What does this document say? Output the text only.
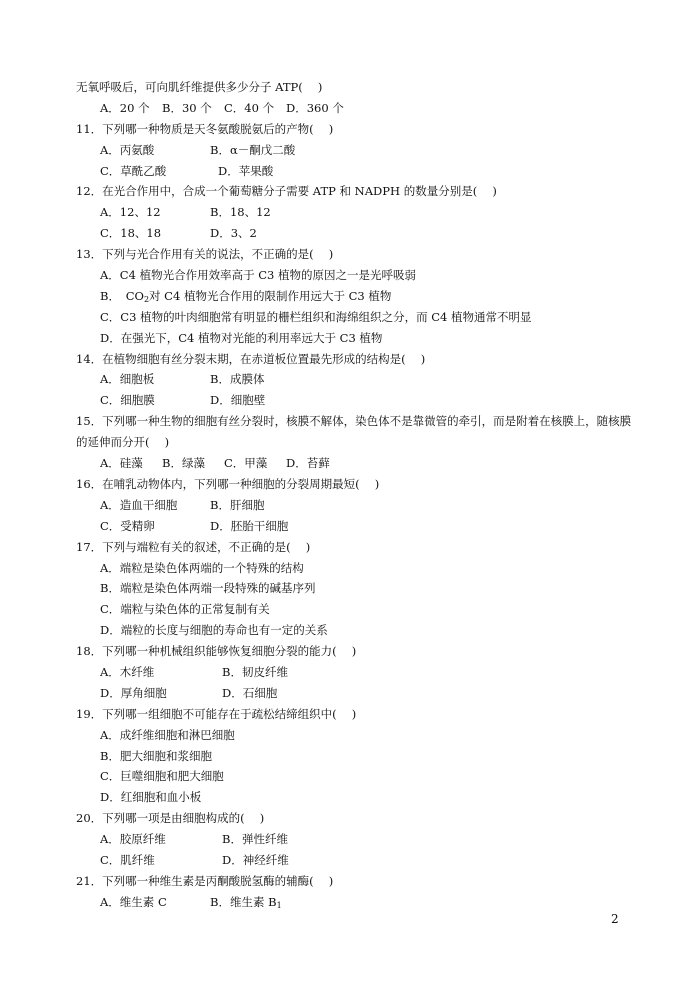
无氧呼吸后，可向肌纤维提供多少分子 ATP(　 )
A．20 个 B．30 个 C．40 个 D．360 个
11．下列哪一种物质是天冬氨酸脱氨后的产物(　 )
A．丙氨酸	B．α－酮戊二酸
C．草酰乙酸	D．苹果酸
12．在光合作用中，合成一个葡萄糖分子需要 ATP 和 NADPH 的数量分别是(　 )
A．12、12	B．18、12
C．18、18	D．3、2
13．下列与光合作用有关的说法，不正确的是(　 )
A．C4 植物光合作用效率高于 C3 植物的原因之一是光呼吸弱
B．　$CO_2$对 C4 植物光合作用的限制作用远大于 C3 植物
C．C3 植物的叶肉细胞常有明显的栅栏组织和海绵组织之分，而 C4 植物通常不明显
D．在强光下，C4 植物对光能的利用率远大于 C3 植物
14．在植物细胞有丝分裂末期，在赤道板位置最先形成的结构是(　 )
A．细胞板	B．成膜体
C．细胞膜	D．细胞壁
15．下列哪一种生物的细胞有丝分裂时，核膜不解体，染色体不是靠微管的牵引，而是附着在核膜上，随核膜的延伸而分开(　 )
A．硅藻 B．绿藻 C．甲藻 D．苔藓
16．在哺乳动物体内，下列哪一种细胞的分裂周期最短(　 )
A．造血干细胞	B．肝细胞
C．受精卵	D．胚胎干细胞
17．下列与端粒有关的叙述，不正确的是(　 )
A．端粒是染色体两端的一个特殊的结构
B．端粒是染色体两端一段特殊的碱基序列
C．端粒与染色体的正常复制有关
D．端粒的长度与细胞的寿命也有一定的关系
18．下列哪一种机械组织能够恢复细胞分裂的能力(　 )
A．木纤维	B．韧皮纤维
D．厚角细胞	D．石细胞
19．下列哪一组细胞不可能存在于疏松结缔组织中(　 )
A．成纤维细胞和淋巴细胞
B．肥大细胞和浆细胞
C．巨噬细胞和肥大细胞
D．红细胞和血小板
20．下列哪一项是由细胞构成的(　 )
A．胶原纤维	B．弹性纤维
C．肌纤维	D．神经纤维
21．下列哪一种维生素是丙酮酸脱氢酶的辅酶(　 )
A．维生素 C	B．维生素 $B_1$
2
